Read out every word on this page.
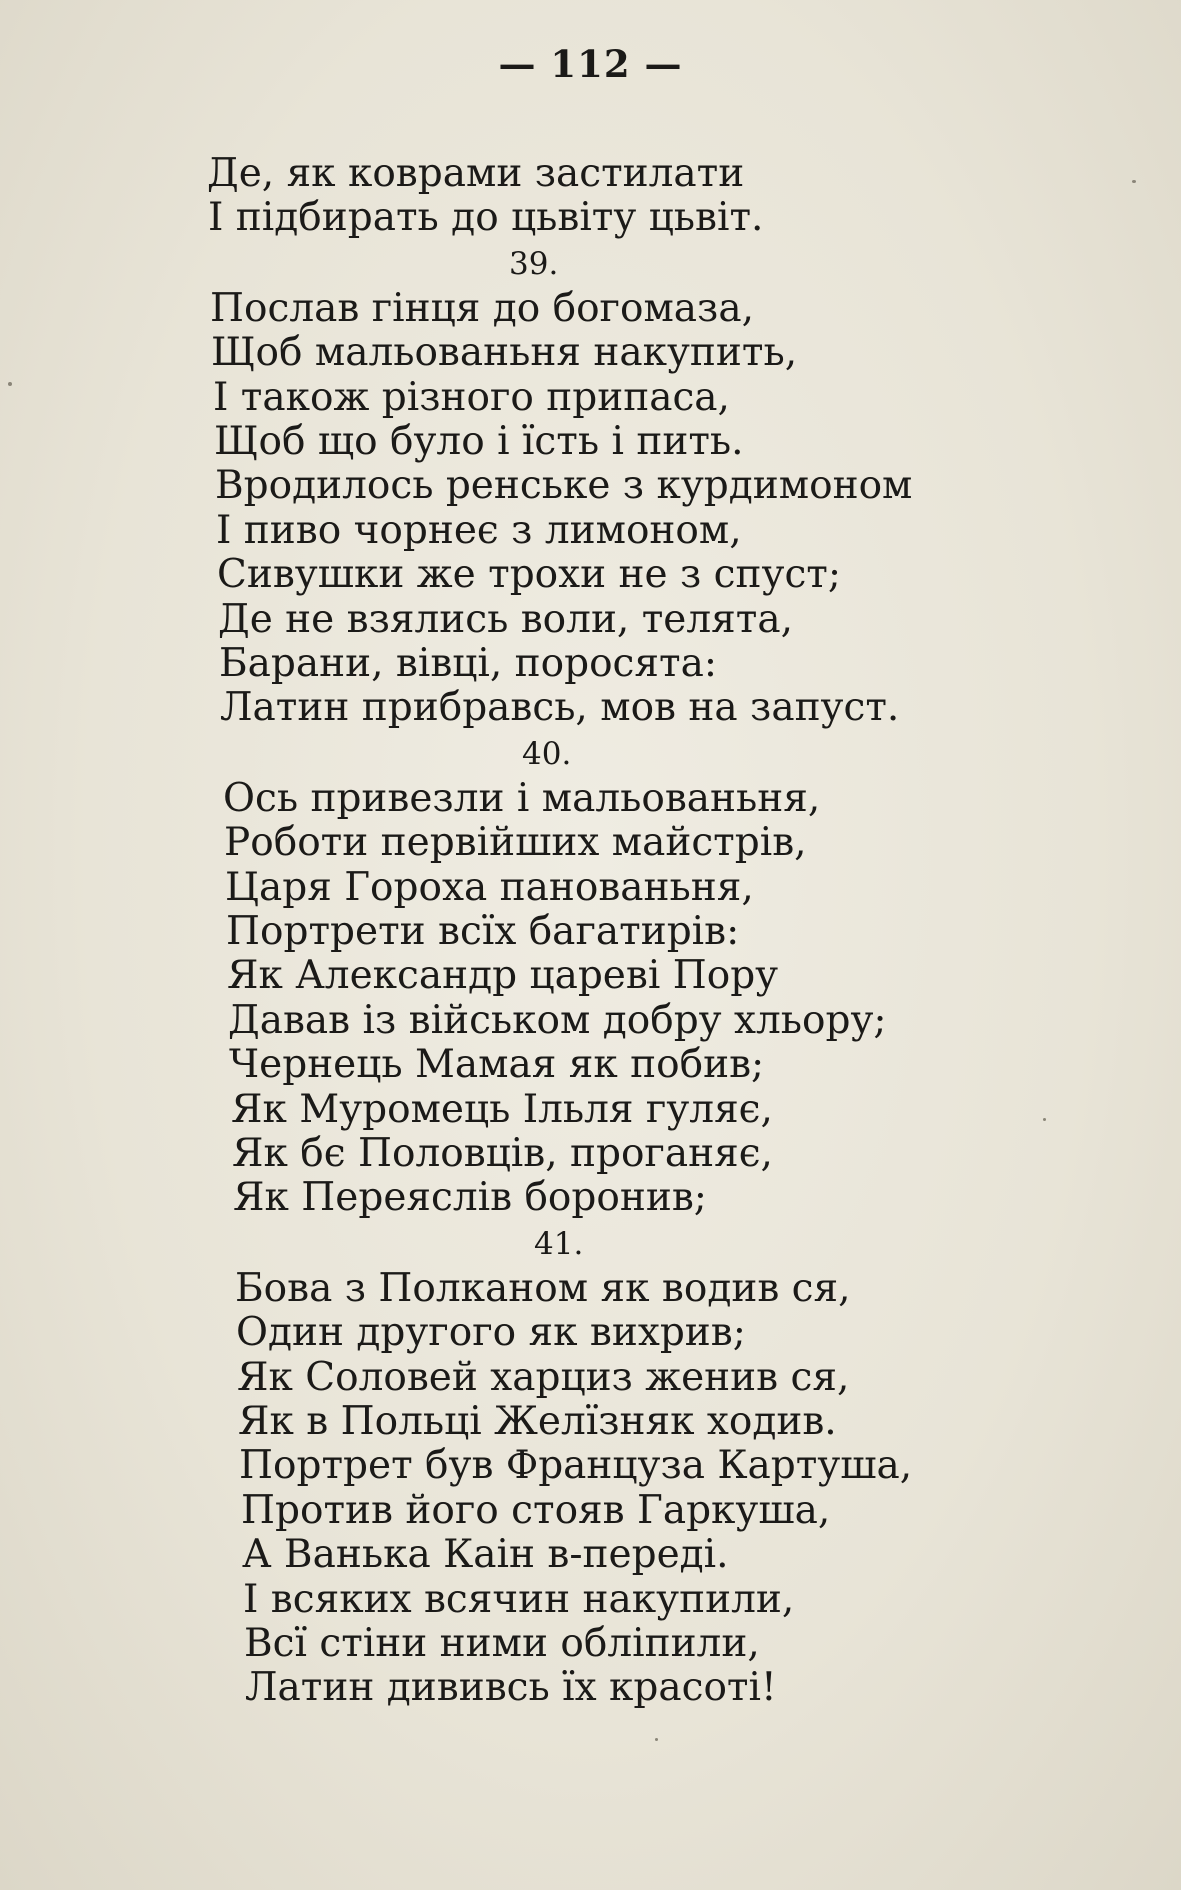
— 112 —
Де, як коврами застилати
І підбирать до цьвіту цьвіт.
39.
Послав гінця до богомаза,
Щоб мальованьня накупить,
І також різного припаса,
Щоб що було і їсть і пить.
Вродилось ренське з курдимоном
І пиво чорнеє з лимоном,
Сивушки же трохи не з спуст;
Де не взялись воли, телята,
Барани, вівці, поросята:
Латин прибравсь, мов на запуст.
40.
Ось привезли і мальованьня,
Роботи первійших майстрів,
Царя Гороха панованьня,
Портрети всїх багатирів:
Як Александр цареві Пору
Давав із військом добру хльору;
Чернець Мамая як побив;
Як Муромець Ільля гуляє,
Як бє Половців, проганяє,
Як Переяслів боронив;
41.
Бова з Полканом як водив ся,
Один другого як вихрив;
Як Соловей харциз женив ся,
Як в Польці Желїзняк ходив.
Портрет був Француза Картуша,
Против його стояв Гаркуша,
А Ванька Каін в-переді.
І всяких всячин накупили,
Всї стіни ними обліпили,
Латин дививсь їх красоті!
